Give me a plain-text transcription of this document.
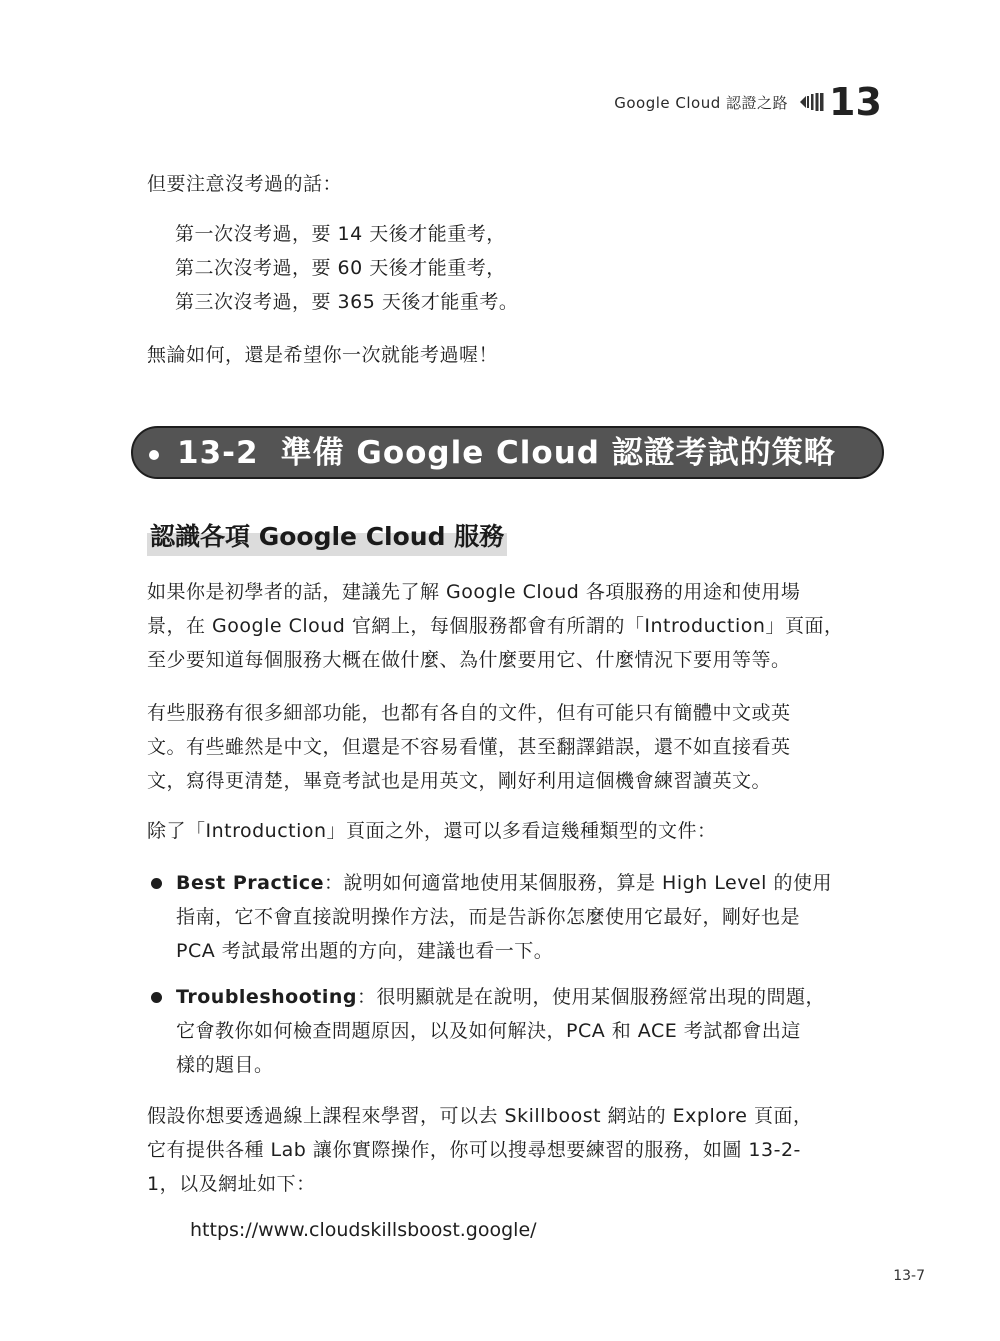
Google Cloud 認證之路 13
但要注意沒考過的話：
第一次沒考過，要 14 天後才能重考，
第二次沒考過，要 60 天後才能重考，
第三次沒考過，要 365 天後才能重考。
無論如何，還是希望你一次就能考過喔！
13-2 準備 Google Cloud 認證考試的策略
認識各項 Google Cloud 服務
如果你是初學者的話，建議先了解 Google Cloud 各項服務的用途和使用場
景，在 Google Cloud 官網上，每個服務都會有所謂的「Introduction」頁面，
至少要知道每個服務大概在做什麼、為什麼要用它、什麼情況下要用等等。
有些服務有很多細部功能，也都有各自的文件，但有可能只有簡體中文或英
文。有些雖然是中文，但還是不容易看懂，甚至翻譯錯誤，還不如直接看英
文，寫得更清楚，畢竟考試也是用英文，剛好利用這個機會練習讀英文。
除了「Introduction」頁面之外，還可以多看這幾種類型的文件：
Best Practice：說明如何適當地使用某個服務，算是 High Level 的使用
指南，它不會直接說明操作方法，而是告訴你怎麼使用它最好，剛好也是
PCA 考試最常出題的方向，建議也看一下。
Troubleshooting：很明顯就是在說明，使用某個服務經常出現的問題，
它會教你如何檢查問題原因，以及如何解決，PCA 和 ACE 考試都會出這
樣的題目。
假設你想要透過線上課程來學習，可以去 Skillboost 網站的 Explore 頁面，
它有提供各種 Lab 讓你實際操作，你可以搜尋想要練習的服務，如圖 13-2-
1，以及網址如下：
https://www.cloudskillsboost.google/
13-7
